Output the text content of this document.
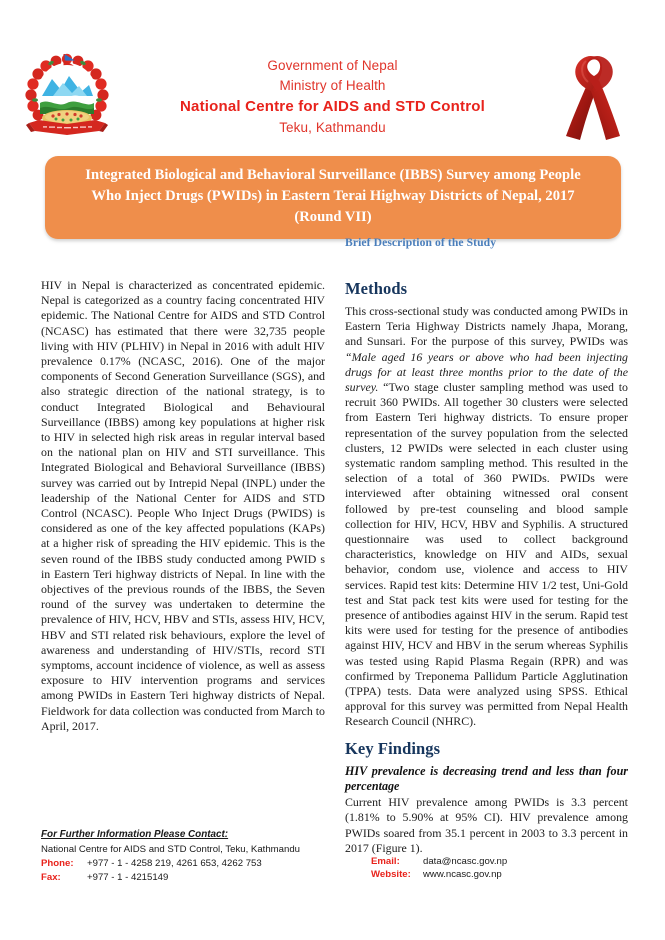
Government of Nepal
Ministry of Health
National Centre for AIDS and STD Control
Teku, Kathmandu
Integrated Biological and Behavioral Surveillance (IBBS) Survey among People Who Inject Drugs (PWIDs) in Eastern Terai Highway Districts of Nepal, 2017 (Round VII)

HIV in Nepal is characterized as concentrated epidemic. Nepal is categorized as a country facing concentrated HIV epidemic. The National Centre for AIDS and STD Control (NCASC) has estimated that there were 32,735 people living with HIV (PLHIV) in Nepal in 2016 with adult HIV prevalence 0.17% (NCASC, 2016). One of the major components of Second Generation Surveillance (SGS), and also strategic direction of the national strategy, is to conduct Integrated Biological and Behavioural Surveillance (IBBS) among key populations at higher risk to HIV in selected high risk areas in regular interval based on the national plan on HIV and STI surveillance. This Integrated Biological and Behavioral Surveillance (IBBS) survey was carried out by Intrepid Nepal (INPL) under the leadership of the National Center for AIDS and STD Control (NCASC). People Who Inject Drugs (PWIDS) is considered as one of the key affected populations (KAPs) at a higher risk of spreading the HIV epidemic. This is the seven round of the IBBS study conducted among PWID s in Eastern Teri highway districts of Nepal. In line with the objectives of the previous rounds of the IBBS, the Seven round of the survey was undertaken to determine the prevalence of HIV, HCV, HBV and STIs, assess HIV, HCV, HBV and STI related risk behaviours, explore the level of awareness and understanding of HIV/STIs, record STI symptoms, account incidence of violence, as well as assess exposure to HIV intervention programs and services among PWIDs in Eastern Teri highway districts of Nepal. Fieldwork for data collection was conducted from March to April, 2017.

Brief Description of the Study
Methods

This cross-sectional study was conducted among PWIDs in Eastern Teria Highway Districts namely Jhapa, Morang, and Sunsari. For the purpose of this survey, PWIDs was “Male aged 16 years or above who had been injecting drugs for at least three months prior to the date of the survey. “Two stage cluster sampling method was used to recruit 360 PWIDs. All together 30 clusters were selected from Eastern Teri highway districts. To ensure proper representation of the survey population from the selected clusters, 12 PWIDs were selected in each cluster using systematic random sampling method. This resulted in the selection of a total of 360 PWIDs. PWIDs were interviewed after obtaining witnessed oral consent followed by pre-test counseling and blood sample collection for HIV, HCV, HBV and Syphilis. A structured questionnaire was used to collect background characteristics, knowledge on HIV and AIDs, sexual behavior, condom use, violence and access to HIV services. Rapid test kits: Determine HIV 1/2 test, Uni-Gold test and Stat pack test kits were used for testing for the presence of antibodies against HIV in the serum. Rapid test kits were used for testing for the presence of antibodies against HIV, HCV and HBV in the serum whereas Syphilis was tested using Rapid Plasma Regain (RPR) and was confirmed by Treponema Pallidum Particle Agglutination (TPPA) tests. Data were analyzed using SPSS. Ethical approval for this survey was permitted from Nepal Health Research Council (NHRC).

Key Findings
HIV prevalence is decreasing trend and less than four percentage

Current HIV prevalence among PWIDs is 3.3 percent (1.81% to 5.90% at 95% CI). HIV prevalence among PWIDs soared from 35.1 percent in 2003 to 3.3 percent in 2017 (Figure 1).

For Further Information Please Contact:
National Centre for AIDS and STD Control, Teku, Kathmandu
Phone:	+977 - 1 - 4258 219, 4261 653, 4262 753
Fax:	+977 - 1 - 4215149
Email:	data@ncasc.gov.np
Website:	www.ncasc.gov.np
